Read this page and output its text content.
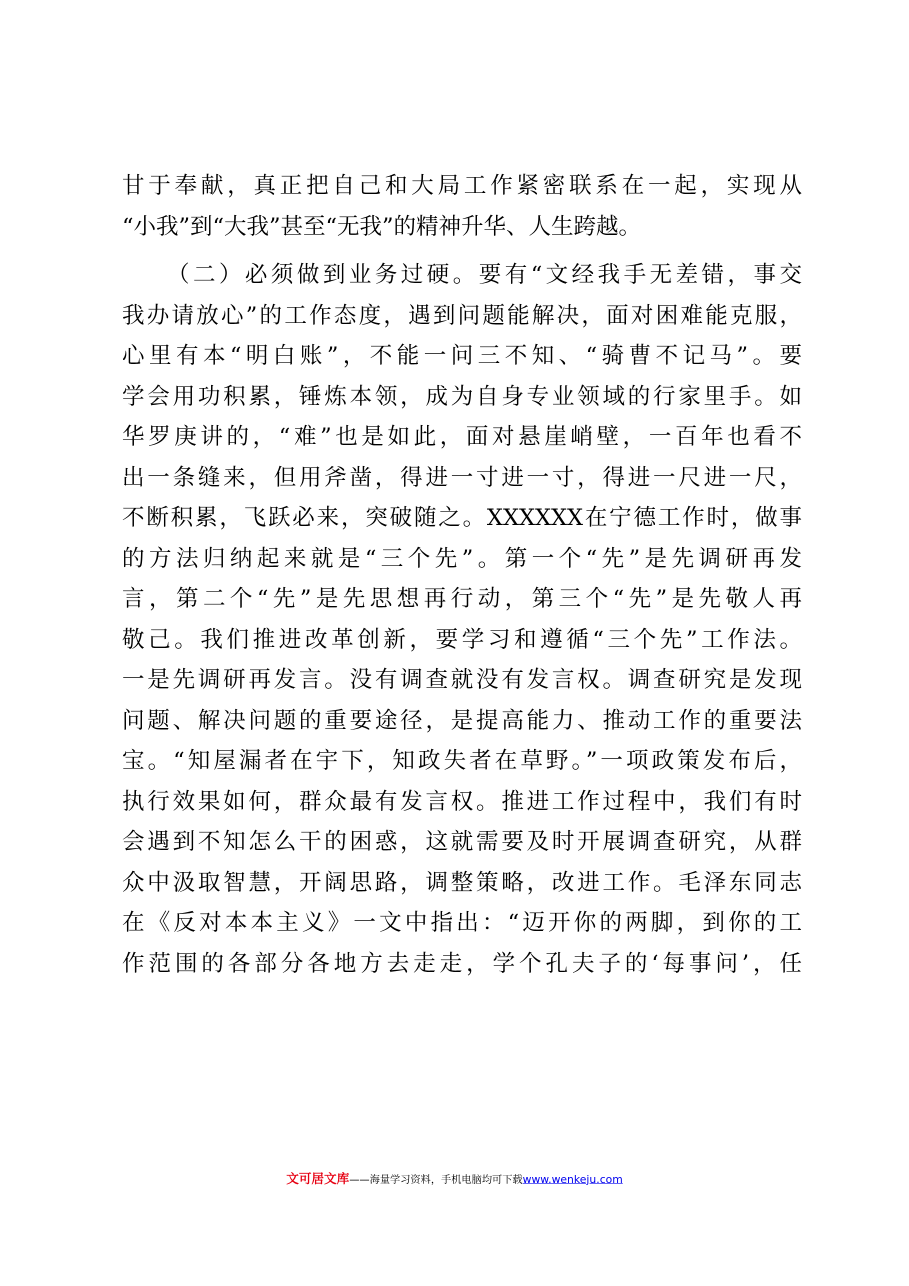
甘于奉献，真正把自己和大局工作紧密联系在一起，实现从
“小我”到“大我”甚至“无我”的精神升华、人生跨越。
（二）必须做到业务过硬。要有“文经我手无差错，事交
我办请放心”的工作态度，遇到问题能解决，面对困难能克服，
心里有本“明白账”，不能一问三不知、“骑曹不记马”。要
学会用功积累，锤炼本领，成为自身专业领域的行家里手。如
华罗庚讲的，“难”也是如此，面对悬崖峭壁，一百年也看不
出一条缝来，但用斧凿，得进一寸进一寸，得进一尺进一尺，
不断积累，飞跃必来，突破随之。XXXXXX在宁德工作时，做事
的方法归纳起来就是“三个先”。第一个“先”是先调研再发
言，第二个“先”是先思想再行动，第三个“先”是先敬人再
敬己。我们推进改革创新，要学习和遵循“三个先”工作法。
一是先调研再发言。没有调查就没有发言权。调查研究是发现
问题、解决问题的重要途径，是提高能力、推动工作的重要法
宝。“知屋漏者在宇下，知政失者在草野。”一项政策发布后，
执行效果如何，群众最有发言权。推进工作过程中，我们有时
会遇到不知怎么干的困惑，这就需要及时开展调查研究，从群
众中汲取智慧，开阔思路，调整策略，改进工作。毛泽东同志
在《反对本本主义》一文中指出：“迈开你的两脚，到你的工
作范围的各部分各地方去走走，学个孔夫子的‘每事问’，任
文可居文库——海量学习资料，手机电脑均可下载www.wenkeju.com
